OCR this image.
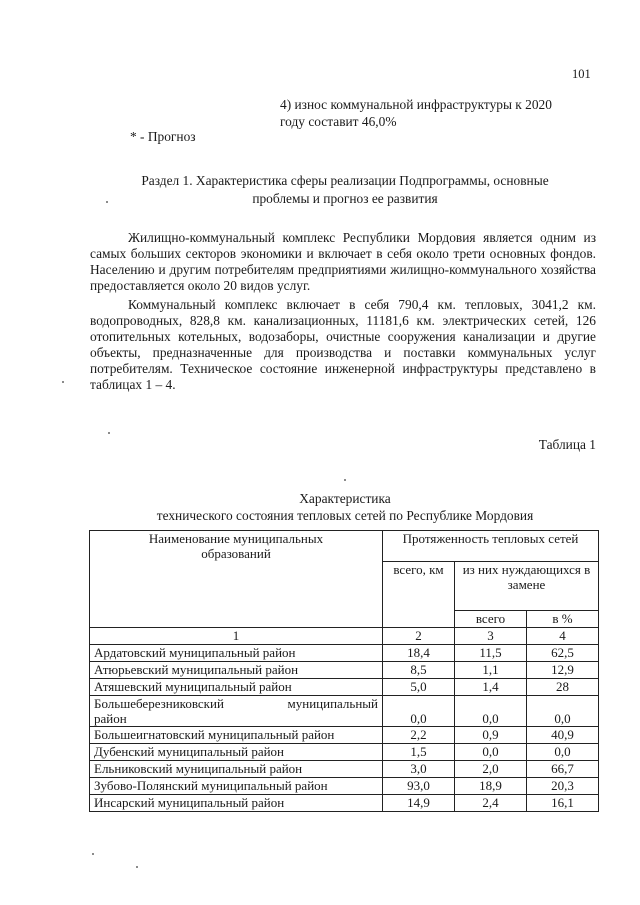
101
4) износ коммунальной инфраструктуры к 2020
году составит 46,0%
* - Прогноз
Раздел 1. Характеристика сферы реализации Подпрограммы, основные
проблемы и прогноз ее развития
Жилищно-коммунальный комплекс Республики Мордовия является одним из самых больших секторов экономики и включает в себя около трети основных фондов. Населению и другим потребителям предприятиями жилищно-коммунального хозяйства предоставляется около 20 видов услуг.
Коммунальный комплекс включает в себя 790,4 км. тепловых, 3041,2 км. водопроводных, 828,8 км. канализационных, 11181,6 км. электрических сетей, 126 отопительных котельных, водозаборы, очистные сооружения канализации и другие объекты, предназначенные для производства и поставки коммунальных услуг потребителям. Техническое состояние инженерной инфраструктуры представлено в таблицах 1 – 4.
Таблица 1
Характеристика
технического состояния тепловых сетей по Республике Мордовия
Наименование муниципальных образований	Протяженность тепловых сетей		
	всего, км	из них нуждающихся в замене	
		всего	в %
1	2	3	4
Ардатовский муниципальный район	18,4	11,5	62,5
Атюрьевский муниципальный район	8,5	1,1	12,9
Атяшевский муниципальный район	5,0	1,4	28

Большеберезниковский муниципальный
район	0,0	0,0	0,0
Большеигнатовский муниципальный район	2,2	0,9	40,9
Дубенский муниципальный район	1,5	0,0	0,0
Ельниковский муниципальный район	3,0	2,0	66,7
Зубово-Полянский муниципальный район	93,0	18,9	20,3
Инсарский муниципальный район	14,9	2,4	16,1
